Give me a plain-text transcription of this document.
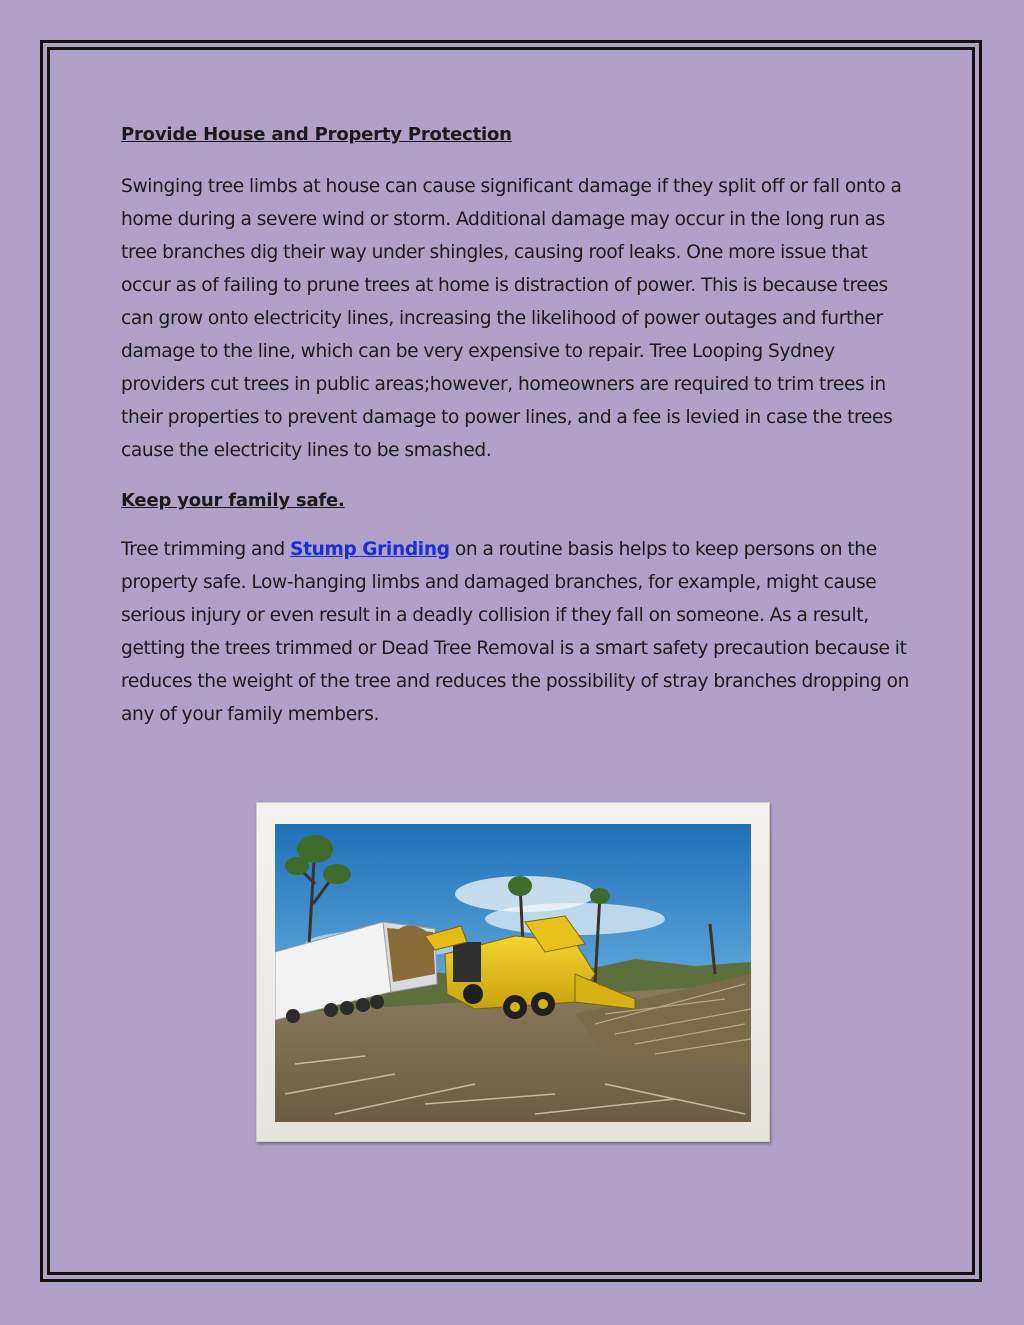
Provide House and Property Protection

Swinging tree limbs at house can cause significant damage if they split off or fall onto a home during a severe wind or storm. Additional damage may occur in the long run as tree branches dig their way under shingles, causing roof leaks. One more issue that occur as of failing to prune trees at home is distraction of power. This is because trees can grow onto electricity lines, increasing the likelihood of power outages and further damage to the line, which can be very expensive to repair. Tree Looping Sydney providers cut trees in public areas;however, homeowners are required to trim trees in their properties to prevent damage to power lines, and a fee is levied in case the trees cause the electricity lines to be smashed.

Keep your family safe.

Tree trimming and Stump Grinding on a routine basis helps to keep persons on the property safe. Low-hanging limbs and damaged branches, for example, might cause serious injury or even result in a deadly collision if they fall on someone. As a result, getting the trees trimmed or Dead Tree Removal is a smart safety precaution because it reduces the weight of the tree and reduces the possibility of stray branches dropping on any of your family members.
